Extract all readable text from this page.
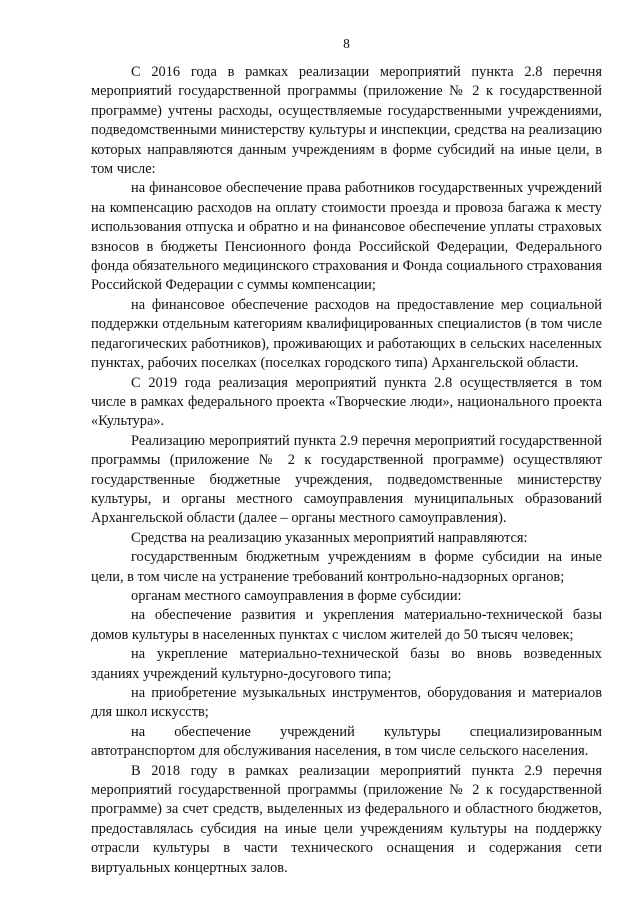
8

С 2016 года в рамках реализации мероприятий пункта 2.8 перечня мероприятий государственной программы (приложение № 2 к государственной программе) учтены расходы, осуществляемые государственными учреждениями, подведомственными министерству культуры и инспекции, средства на реализацию которых направляются данным учреждениям в форме субсидий на иные цели, в том числе:

на финансовое обеспечение права работников государственных учреждений на компенсацию расходов на оплату стоимости проезда и провоза багажа к месту использования отпуска и обратно и на финансовое обеспечение уплаты страховых взносов в бюджеты Пенсионного фонда Российской Федерации, Федерального фонда обязательного медицинского страхования и Фонда социального страхования Российской Федерации с суммы компенсации;

на финансовое обеспечение расходов на предоставление мер социальной поддержки отдельным категориям квалифицированных специалистов (в том числе педагогических работников), проживающих и работающих в сельских населенных пунктах, рабочих поселках (поселках городского типа) Архангельской области.

С 2019 года реализация мероприятий пункта 2.8 осуществляется в том числе в рамках федерального проекта «Творческие люди», национального проекта «Культура».

Реализацию мероприятий пункта 2.9 перечня мероприятий государственной программы (приложение № 2 к государственной программе) осуществляют государственные бюджетные учреждения, подведомственные министерству культуры, и органы местного самоуправления муниципальных образований Архангельской области (далее – органы местного самоуправления).

Средства на реализацию указанных мероприятий направляются:

государственным бюджетным учреждениям в форме субсидии на иные цели, в том числе на устранение требований контрольно-надзорных органов;

органам местного самоуправления в форме субсидии:

на обеспечение развития и укрепления материально-технической базы домов культуры в населенных пунктах с числом жителей до 50 тысяч человек;

на укрепление материально-технической базы во вновь возведенных зданиях учреждений культурно-досугового типа;

на приобретение музыкальных инструментов, оборудования и материалов для школ искусств;

на обеспечение учреждений культуры специализированным автотранспортом для обслуживания населения, в том числе сельского населения.

В 2018 году в рамках реализации мероприятий пункта 2.9 перечня мероприятий государственной программы (приложение № 2 к государственной программе) за счет средств, выделенных из федерального и областного бюджетов, предоставлялась субсидия на иные цели учреждениям культуры на поддержку отрасли культуры в части технического оснащения и содержания сети виртуальных концертных залов.
